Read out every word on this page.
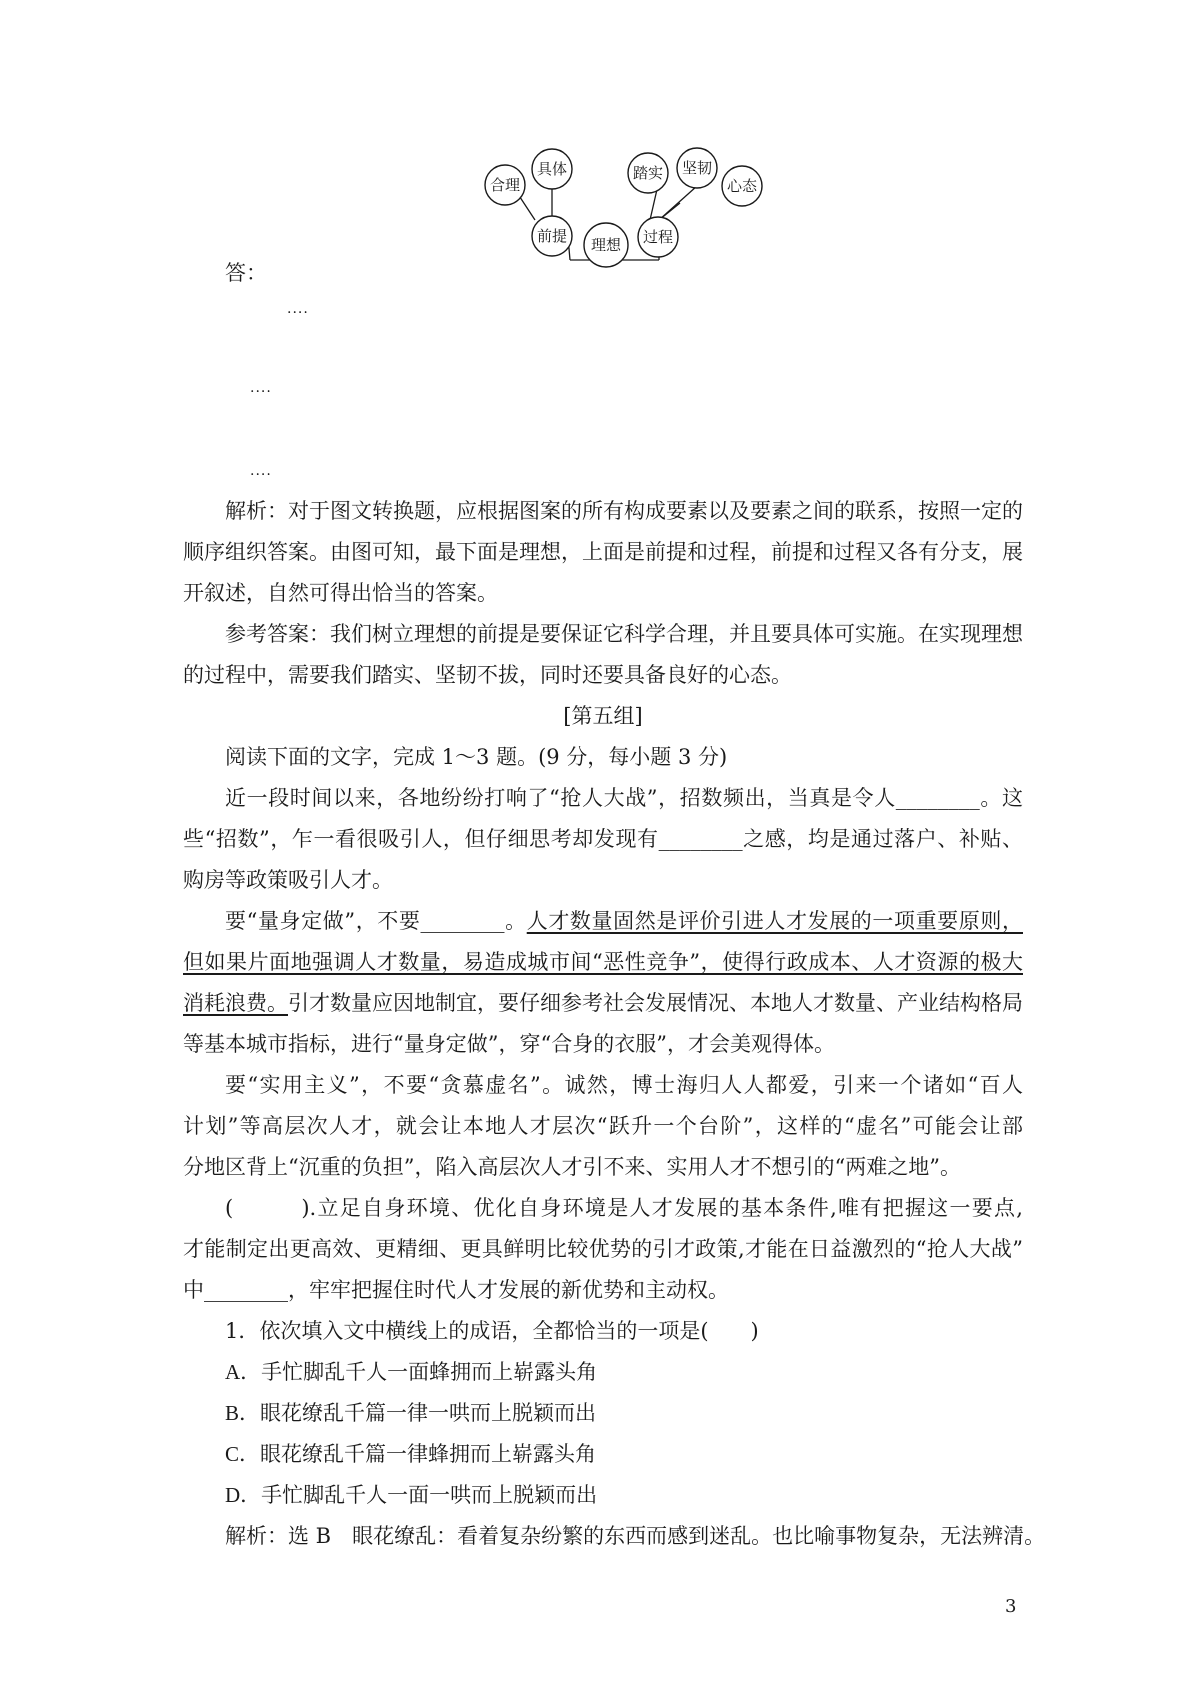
合理
具体
前提 理想 过程
踏实 坚韧
心态
答：
....
....
....
解析：对于图文转换题，应根据图案的所有构成要素以及要素之间的联系，按照一定的
顺序组织答案。由图可知，最下面是理想，上面是前提和过程，前提和过程又各有分支，展
开叙述，自然可得出恰当的答案。
参考答案：我们树立理想的前提是要保证它科学合理，并且要具体可实施。在实现理想
的过程中，需要我们踏实、坚韧不拔，同时还要具备良好的心态。
[第五组]
阅读下面的文字，完成 1～3 题。(9 分，每小题 3 分)
近一段时间以来，各地纷纷打响了“抢人大战”，招数频出，当真是令人________。这
些“招数”，乍一看很吸引人，但仔细思考却发现有________之感，均是通过落户、补贴、
购房等政策吸引人才。
要“量身定做”，不要________。人才数量固然是评价引进人才发展的一项重要原则，
但如果片面地强调人才数量，易造成城市间“恶性竞争”，使得行政成本、人才资源的极大
消耗浪费。引才数量应因地制宜，要仔细参考社会发展情况、本地人才数量、产业结构格局
等基本城市指标，进行“量身定做”，穿“合身的衣服”，才会美观得体。
要“实用主义”，不要“贪慕虚名”。诚然，博士海归人人都爱，引来一个诸如“百人
计划”等高层次人才，就会让本地人才层次“跃升一个台阶”，这样的“虚名”可能会让部
分地区背上“沉重的负担”，陷入高层次人才引不来、实用人才不想引的“两难之地”。
(　　　).立足自身环境、优化自身环境是人才发展的基本条件,唯有把握这一要点,
才能制定出更高效、更精细、更具鲜明比较优势的引才政策,才能在日益激烈的“抢人大战”
中________，牢牢把握住时代人才发展的新优势和主动权。
1．依次填入文中横线上的成语，全都恰当的一项是(　　)
A．手忙脚乱千人一面蜂拥而上崭露头角
B．眼花缭乱千篇一律一哄而上脱颖而出
C．眼花缭乱千篇一律蜂拥而上崭露头角
D．手忙脚乱千人一面一哄而上脱颖而出
解析：选 B　眼花缭乱：看着复杂纷繁的东西而感到迷乱。也比喻事物复杂，无法辨清。
3
